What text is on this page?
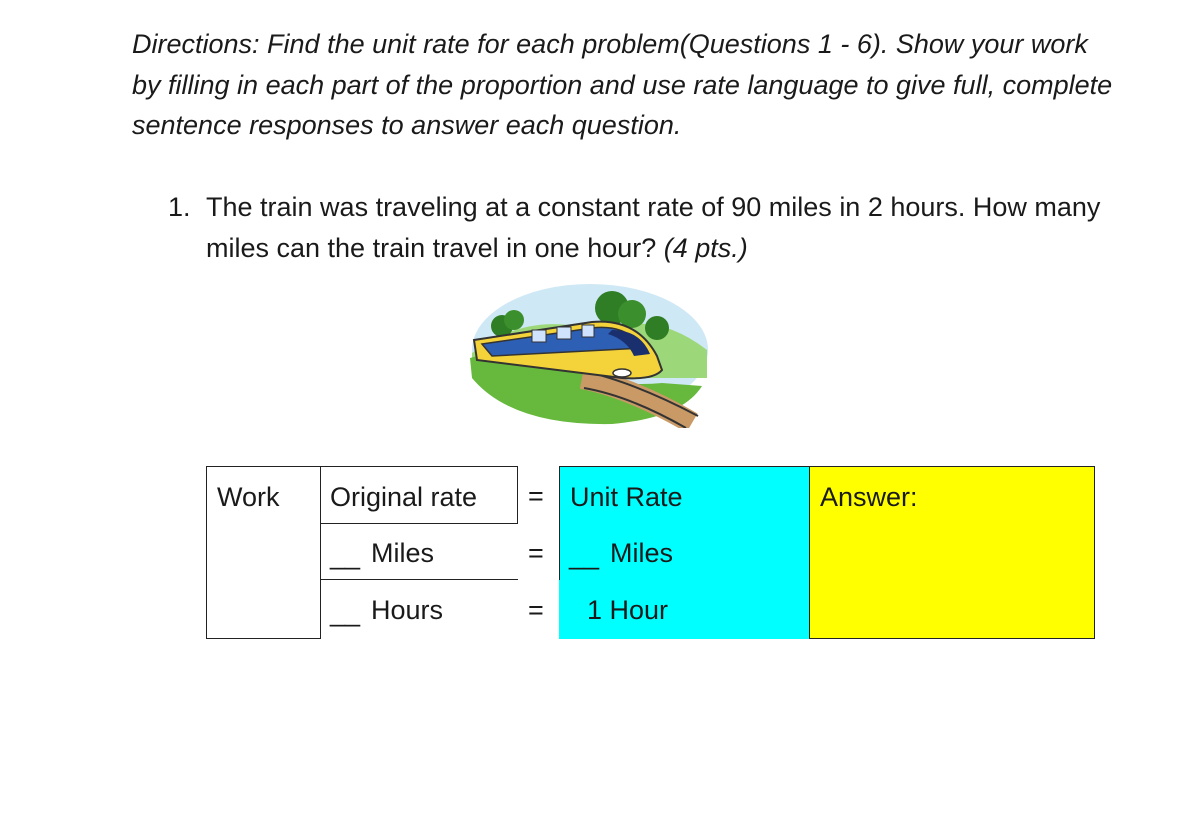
Directions: Find the unit rate for each problem(Questions 1 - 6). Show your work by filling in each part of the proportion and use rate language to give full, complete sentence responses to answer each question.

1. The train was traveling at a constant rate of 90 miles in 2 hours. How many miles can the train travel in one hour? (4 pts.)
Work	Original rate
__ Miles
__ Hours
=
=
=
Unit Rate
__ Miles
1 Hour
Answer:
